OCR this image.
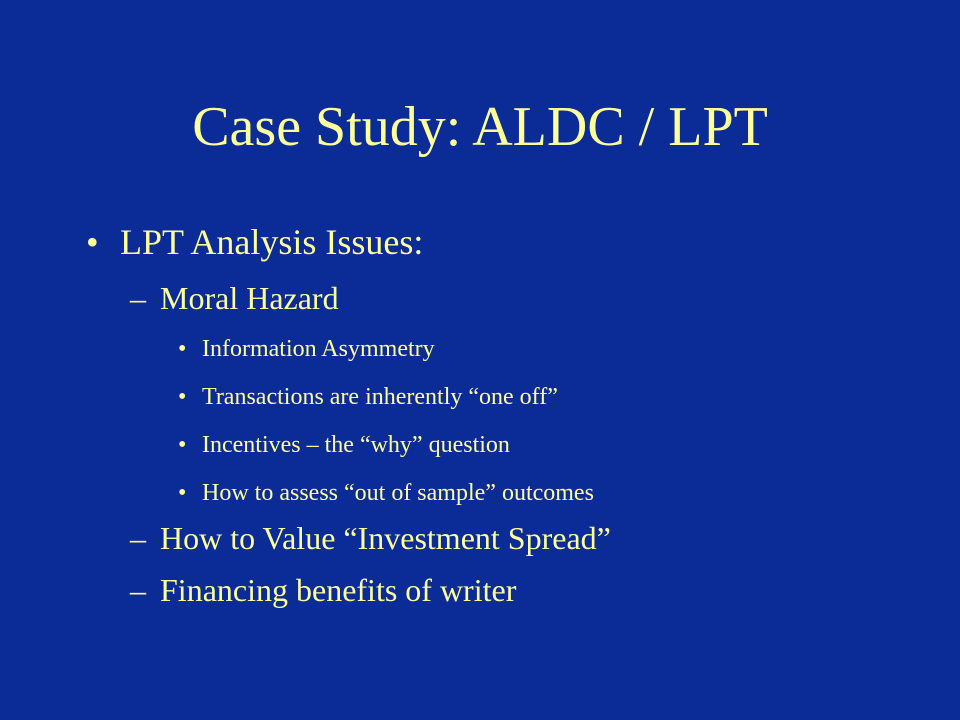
Case Study: ALDC / LPT
• LPT Analysis Issues:
– Moral Hazard
• Information Asymmetry
• Transactions are inherently “one off”
• Incentives – the “why” question
• How to assess “out of sample” outcomes
– How to Value “Investment Spread”
– Financing benefits of writer
